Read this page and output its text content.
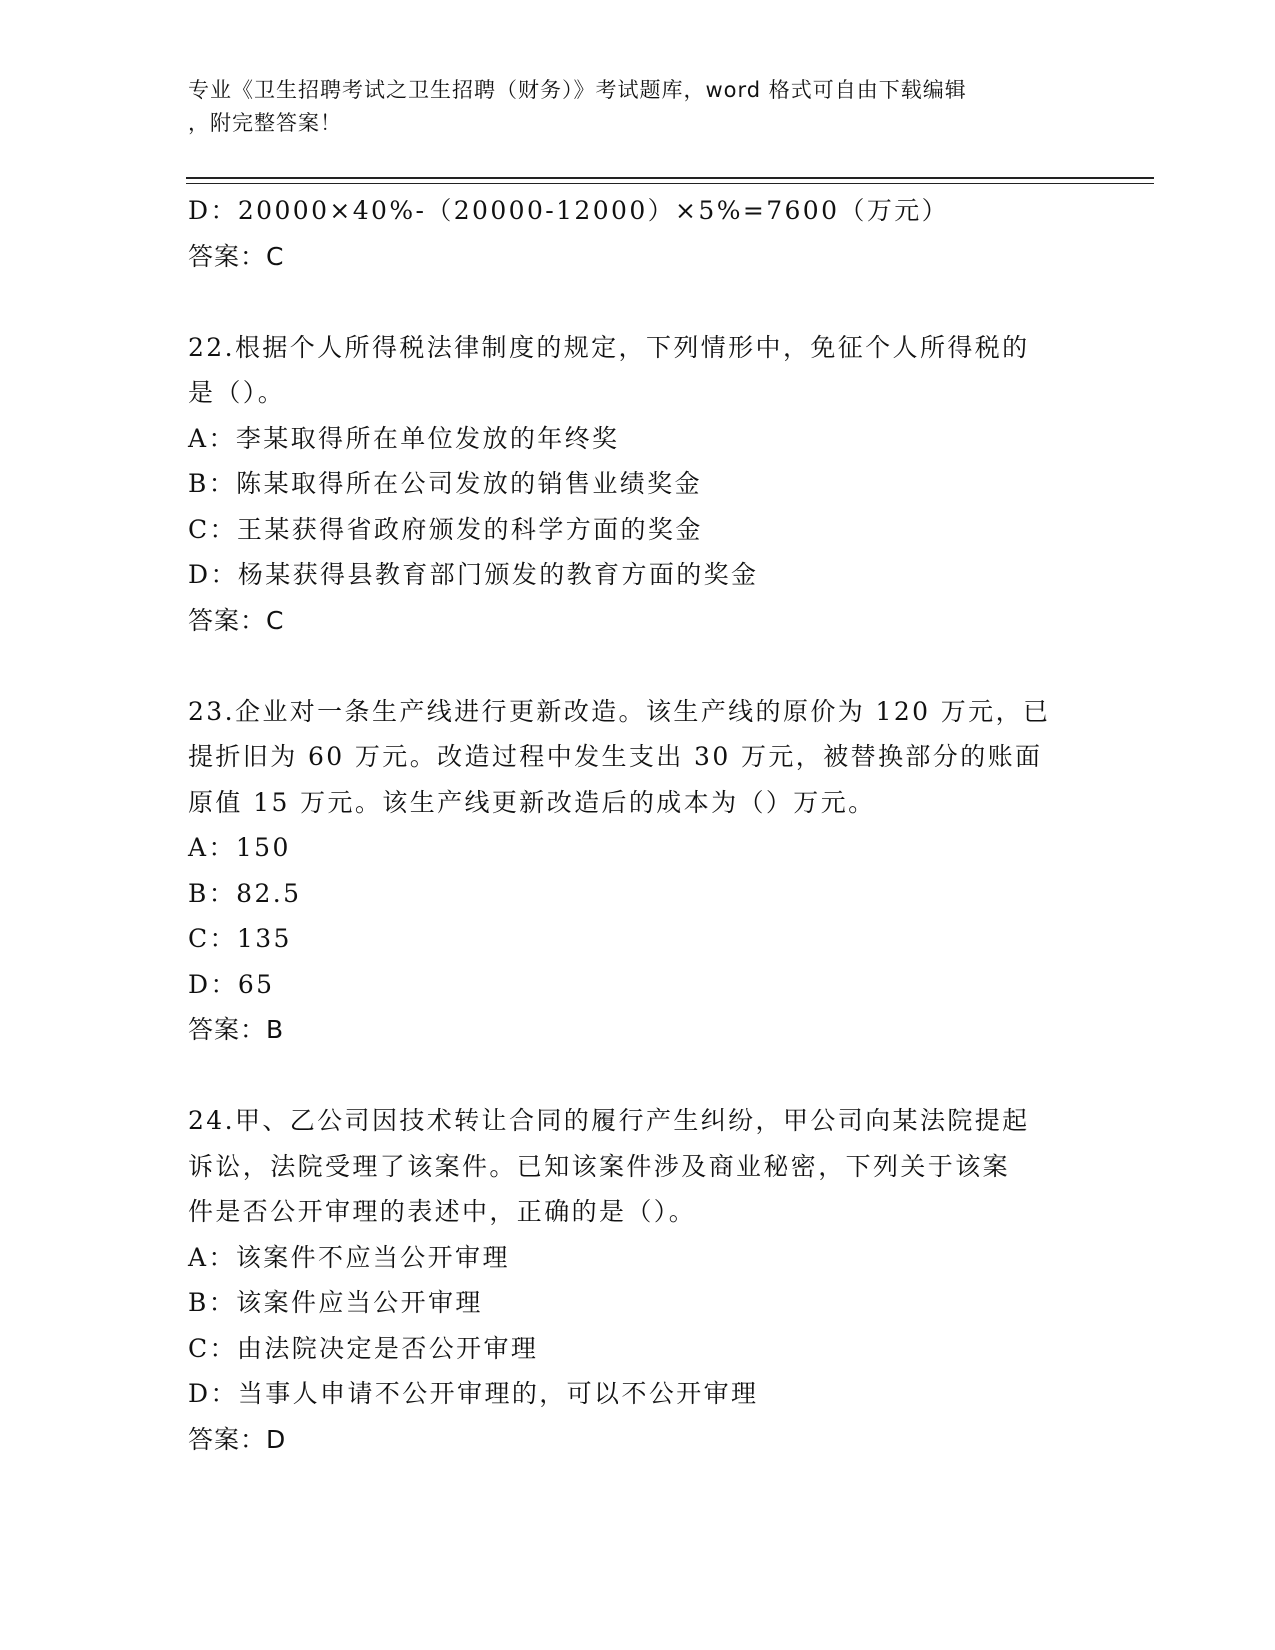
专业《卫生招聘考试之卫生招聘（财务）》考试题库，word 格式可自由下载编辑
，附完整答案！
D：20000×40%-（20000-12000）×5%=7600（万元）
答案：C
22.根据个人所得税法律制度的规定，下列情形中，免征个人所得税的
是（）。
A：李某取得所在单位发放的年终奖
B：陈某取得所在公司发放的销售业绩奖金
C：王某获得省政府颁发的科学方面的奖金
D：杨某获得县教育部门颁发的教育方面的奖金
答案：C
23.企业对一条生产线进行更新改造。该生产线的原价为 120 万元，已
提折旧为 60 万元。改造过程中发生支出 30 万元，被替换部分的账面
原值 15 万元。该生产线更新改造后的成本为（）万元。
A：150
B：82.5
C：135
D：65
答案：B
24.甲、乙公司因技术转让合同的履行产生纠纷，甲公司向某法院提起
诉讼，法院受理了该案件。已知该案件涉及商业秘密，下列关于该案
件是否公开审理的表述中，正确的是（）。
A：该案件不应当公开审理
B：该案件应当公开审理
C：由法院决定是否公开审理
D：当事人申请不公开审理的，可以不公开审理
答案：D
